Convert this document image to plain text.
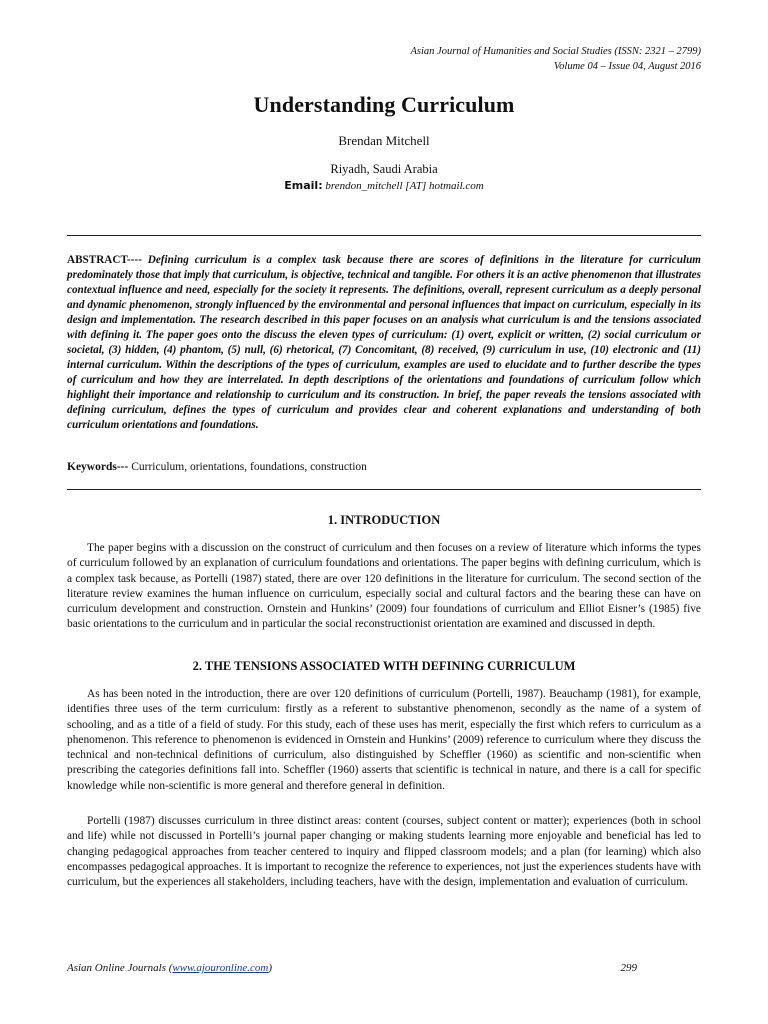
Asian Journal of Humanities and Social Studies (ISSN: 2321 – 2799)
Volume 04 – Issue 04, August 2016
Understanding Curriculum
Brendan Mitchell
Riyadh, Saudi Arabia
Email: brendon_mitchell [AT] hotmail.com
ABSTRACT---- Defining curriculum is a complex task because there are scores of definitions in the literature for curriculum predominately those that imply that curriculum, is objective, technical and tangible. For others it is an active phenomenon that illustrates contextual influence and need, especially for the society it represents. The definitions, overall, represent curriculum as a deeply personal and dynamic phenomenon, strongly influenced by the environmental and personal influences that impact on curriculum, especially in its design and implementation. The research described in this paper focuses on an analysis what curriculum is and the tensions associated with defining it. The paper goes onto the discuss the eleven types of curriculum: (1) overt, explicit or written, (2) social curriculum or societal, (3) hidden, (4) phantom, (5) null, (6) rhetorical, (7) Concomitant, (8) received, (9) curriculum in use, (10) electronic and (11) internal curriculum. Within the descriptions of the types of curriculum, examples are used to elucidate and to further describe the types of curriculum and how they are interrelated. In depth descriptions of the orientations and foundations of curriculum follow which highlight their importance and relationship to curriculum and its construction. In brief, the paper reveals the tensions associated with defining curriculum, defines the types of curriculum and provides clear and coherent explanations and understanding of both curriculum orientations and foundations.
Keywords--- Curriculum, orientations, foundations, construction
1. INTRODUCTION
The paper begins with a discussion on the construct of curriculum and then focuses on a review of literature which informs the types of curriculum followed by an explanation of curriculum foundations and orientations. The paper begins with defining curriculum, which is a complex task because, as Portelli (1987) stated, there are over 120 definitions in the literature for curriculum. The second section of the literature review examines the human influence on curriculum, especially social and cultural factors and the bearing these can have on curriculum development and construction. Ornstein and Hunkins’ (2009) four foundations of curriculum and Elliot Eisner’s (1985) five basic orientations to the curriculum and in particular the social reconstructionist orientation are examined and discussed in depth.
2. THE TENSIONS ASSOCIATED WITH DEFINING CURRICULUM
As has been noted in the introduction, there are over 120 definitions of curriculum (Portelli, 1987). Beauchamp (1981), for example, identifies three uses of the term curriculum: firstly as a referent to substantive phenomenon, secondly as the name of a system of schooling, and as a title of a field of study. For this study, each of these uses has merit, especially the first which refers to curriculum as a phenomenon. This reference to phenomenon is evidenced in Ornstein and Hunkins’ (2009) reference to curriculum where they discuss the technical and non-technical definitions of curriculum, also distinguished by Scheffler (1960) as scientific and non-scientific when prescribing the categories definitions fall into. Scheffler (1960) asserts that scientific is technical in nature, and there is a call for specific knowledge while non-scientific is more general and therefore general in definition.
Portelli (1987) discusses curriculum in three distinct areas: content (courses, subject content or matter); experiences (both in school and life) while not discussed in Portelli’s journal paper changing or making students learning more enjoyable and beneficial has led to changing pedagogical approaches from teacher centered to inquiry and flipped classroom models; and a plan (for learning) which also encompasses pedagogical approaches. It is important to recognize the reference to experiences, not just the experiences students have with curriculum, but the experiences all stakeholders, including teachers, have with the design, implementation and evaluation of curriculum.
Asian Online Journals (www.ajouronline.com)	299
